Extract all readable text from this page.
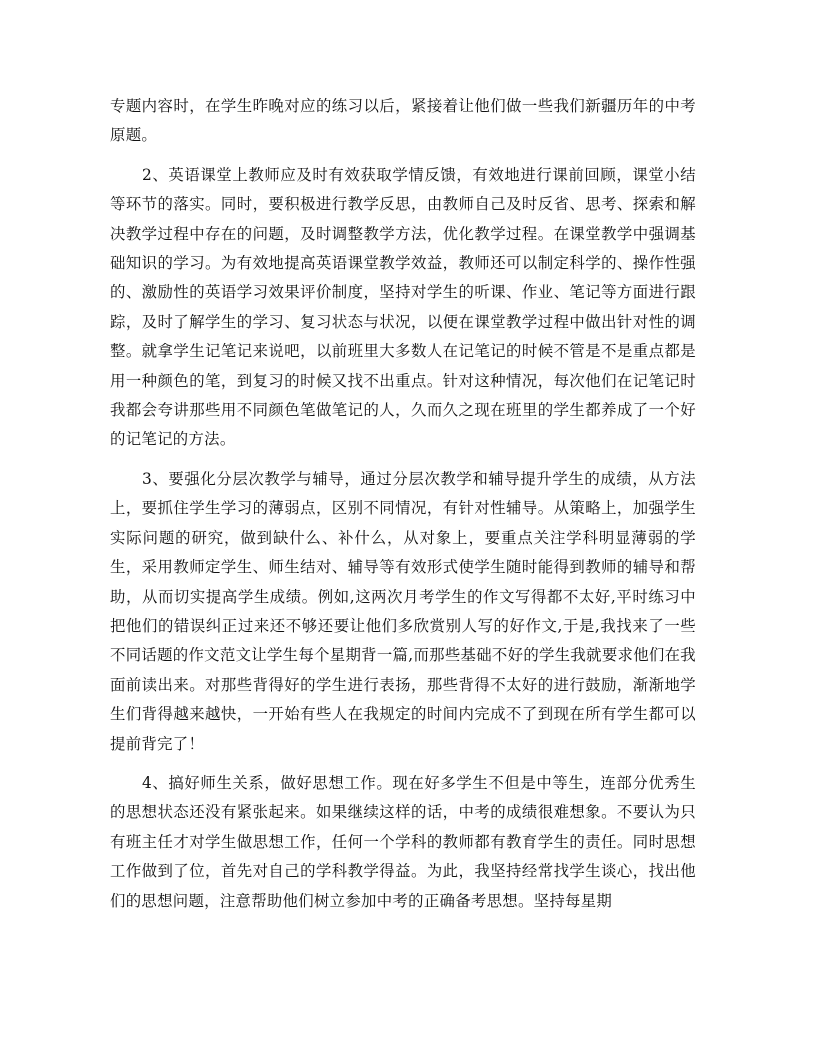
专题内容时，在学生昨晚对应的练习以后，紧接着让他们做一些我们新疆历年的中考原题。

2、英语课堂上教师应及时有效获取学情反馈，有效地进行课前回顾，课堂小结等环节的落实。同时，要积极进行教学反思，由教师自己及时反省、思考、探索和解决教学过程中存在的问题，及时调整教学方法，优化教学过程。在课堂教学中强调基础知识的学习。为有效地提高英语课堂教学效益，教师还可以制定科学的、操作性强的、激励性的英语学习效果评价制度，坚持对学生的听课、作业、笔记等方面进行跟踪，及时了解学生的学习、复习状态与状况，以便在课堂教学过程中做出针对性的调整。就拿学生记笔记来说吧，以前班里大多数人在记笔记的时候不管是不是重点都是用一种颜色的笔，到复习的时候又找不出重点。针对这种情况，每次他们在记笔记时我都会夸讲那些用不同颜色笔做笔记的人，久而久之现在班里的学生都养成了一个好的记笔记的方法。

3、要强化分层次教学与辅导，通过分层次教学和辅导提升学生的成绩，从方法上，要抓住学生学习的薄弱点，区别不同情况，有针对性辅导。从策略上，加强学生实际问题的研究，做到缺什么、补什么，从对象上，要重点关注学科明显薄弱的学生，采用教师定学生、师生结对、辅导等有效形式使学生随时能得到教师的辅导和帮助，从而切实提高学生成绩。例如,这两次月考学生的作文写得都不太好,平时练习中把他们的错误纠正过来还不够还要让他们多欣赏别人写的好作文,于是,我找来了一些不同话题的作文范文让学生每个星期背一篇,而那些基础不好的学生我就要求他们在我面前读出来。对那些背得好的学生进行表扬，那些背得不太好的进行鼓励，渐渐地学生们背得越来越快，一开始有些人在我规定的时间内完成不了到现在所有学生都可以提前背完了！

4、搞好师生关系，做好思想工作。现在好多学生不但是中等生，连部分优秀生的思想状态还没有紧张起来。如果继续这样的话，中考的成绩很难想象。不要认为只有班主任才对学生做思想工作，任何一个学科的教师都有教育学生的责任。同时思想工作做到了位，首先对自己的学科教学得益。为此，我坚持经常找学生谈心，找出他们的思想问题，注意帮助他们树立参加中考的正确备考思想。坚持每星期
